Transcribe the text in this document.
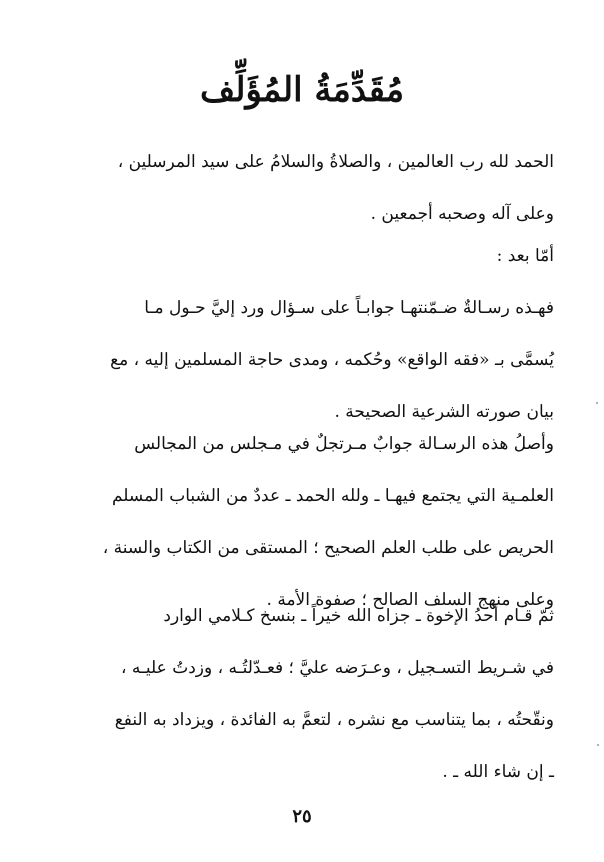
مُقَدِّمَةُ المُؤَلِّف
الحمد لله رب العالمين ، والصلاةُ والسلامُ على سيد المرسلين ،
وعلى آله وصحبه أجمعين .
أمّا بعد :
فهـذه رسـالةٌ ضـمّنتهـا جوابـاً على سـؤال ورد إليَّ حـول مـا
يُسمَّى بـ «فقه الواقع» وحُكمه ، ومدى حاجة المسلمين إليه ، مع
بيان صورته الشرعية الصحيحة .
وأصلُ هذه الرسـالة جوابٌ مـرتجلٌ في مـجلس من المجالس
العلمـية التي يجتمع فيهـا ـ ولله الحمد ـ عددٌ من الشباب المسلم
الحريص على طلب العلم الصحيح ؛ المستقى من الكتاب والسنة ،
وعلى منهج السلف الصالح ؛ صفوة الأمة .
ثمّ قـام أحدُ الإخوة ـ جزاه الله خيراً ـ بنسخ كـلامي الوارد
في شـريط التسـجيل ، وعـرَضه عليَّ ؛ فعـدّلتُـه ، وزدتُ عليـه ،
ونقّحتُه ، بما يتناسب مع نشره ، لتعمَّ به الفائدة ، ويزداد به النفع
ـ إن شاء الله ـ .
٢٥
